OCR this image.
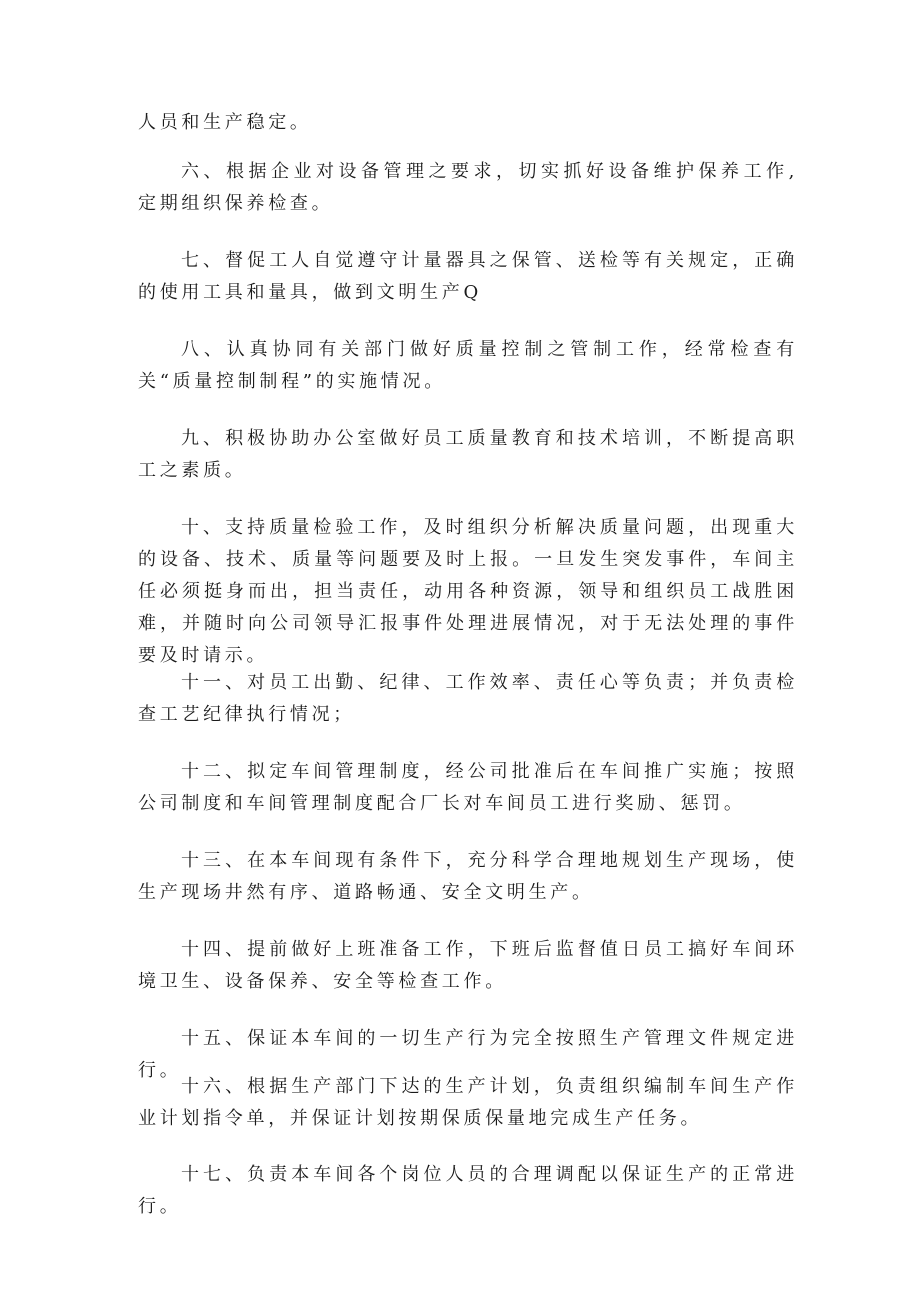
人员和生产稳定。

六、根据企业对设备管理之要求，切实抓好设备维护保养工作,定期组织保养检查。

七、督促工人自觉遵守计量器具之保管、送检等有关规定，正确的使用工具和量具，做到文明生产Q

八、认真协同有关部门做好质量控制之管制工作，经常检查有关“质量控制制程”的实施情况。

九、积极协助办公室做好员工质量教育和技术培训，不断提高职工之素质。

十、支持质量检验工作，及时组织分析解决质量问题，出现重大的设备、技术、质量等问题要及时上报。一旦发生突发事件，车间主任必须挺身而出，担当责任，动用各种资源，领导和组织员工战胜困难，并随时向公司领导汇报事件处理进展情况，对于无法处理的事件要及时请示。

十一、对员工出勤、纪律、工作效率、责任心等负责；并负责检查工艺纪律执行情况；

十二、拟定车间管理制度，经公司批准后在车间推广实施；按照公司制度和车间管理制度配合厂长对车间员工进行奖励、惩罚。

十三、在本车间现有条件下，充分科学合理地规划生产现场，使生产现场井然有序、道路畅通、安全文明生产。

十四、提前做好上班准备工作，下班后监督值日员工搞好车间环境卫生、设备保养、安全等检查工作。

十五、保证本车间的一切生产行为完全按照生产管理文件规定进行。

十六、根据生产部门下达的生产计划，负责组织编制车间生产作业计划指令单，并保证计划按期保质保量地完成生产任务。

十七、负责本车间各个岗位人员的合理调配以保证生产的正常进行。
